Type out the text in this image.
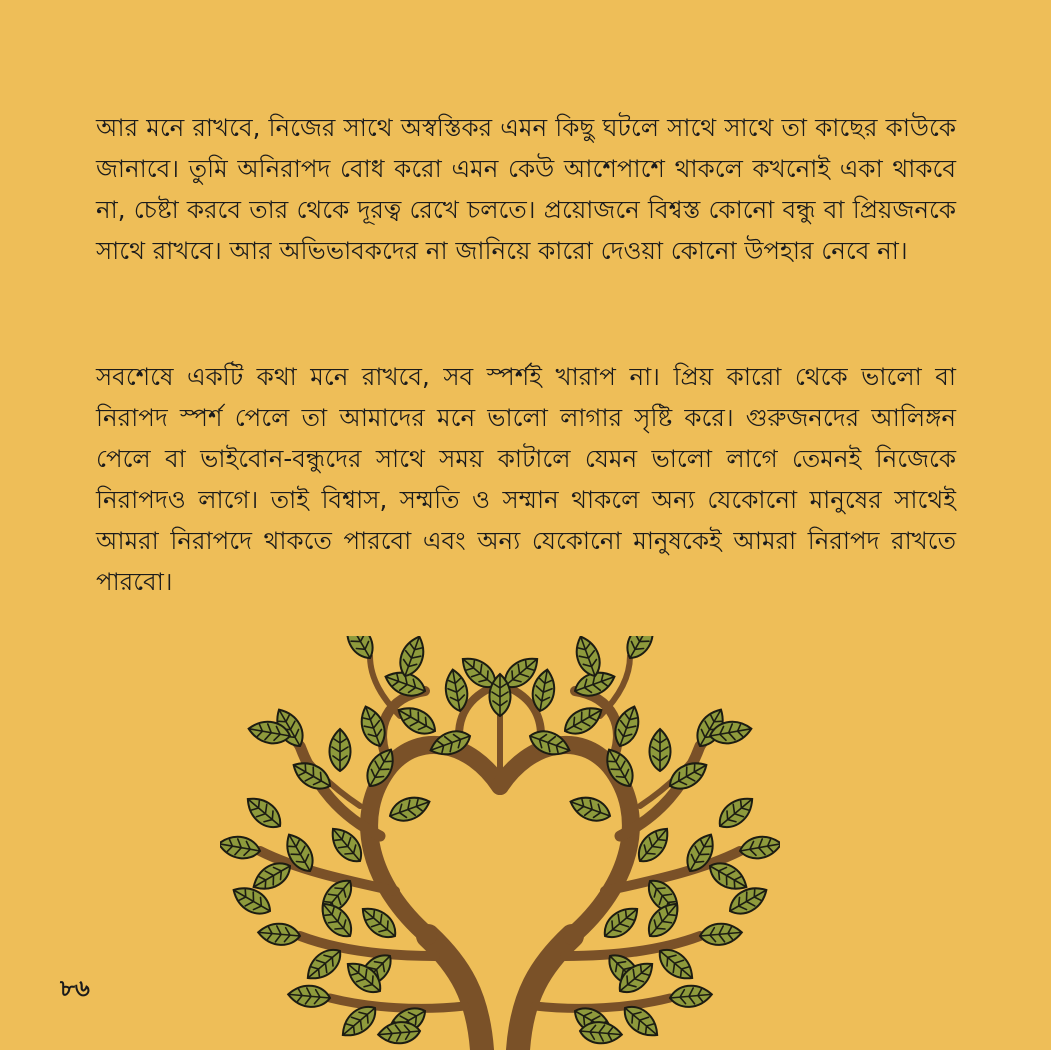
আর মনে রাখবে, নিজের সাথে অস্বস্তিকর এমন কিছু ঘটলে সাথে সাথে তা কাছের কাউকে জানাবে। তুমি অনিরাপদ বোধ করো এমন কেউ আশেপাশে থাকলে কখনোই একা থাকবে না, চেষ্টা করবে তার থেকে দূরত্ব রেখে চলতে। প্রয়োজনে বিশ্বস্ত কোনো বন্ধু বা প্রিয়জনকে সাথে রাখবে। আর অভিভাবকদের না জানিয়ে কারো দেওয়া কোনো উপহার নেবে না।

সবশেষে একটি কথা মনে রাখবে, সব স্পর্শই খারাপ না। প্রিয় কারো থেকে ভালো বা নিরাপদ স্পর্শ পেলে তা আমাদের মনে ভালো লাগার সৃষ্টি করে। গুরুজনদের আলিঙ্গন পেলে বা ভাইবোন-বন্ধুদের সাথে সময় কাটালে যেমন ভালো লাগে তেমনই নিজেকে নিরাপদও লাগে। তাই বিশ্বাস, সম্মতি ও সম্মান থাকলে অন্য যেকোনো মানুষের সাথেই আমরা নিরাপদে থাকতে পারবো এবং অন্য যেকোনো মানুষকেই আমরা নিরাপদ রাখতে পারবো।

৮৬
